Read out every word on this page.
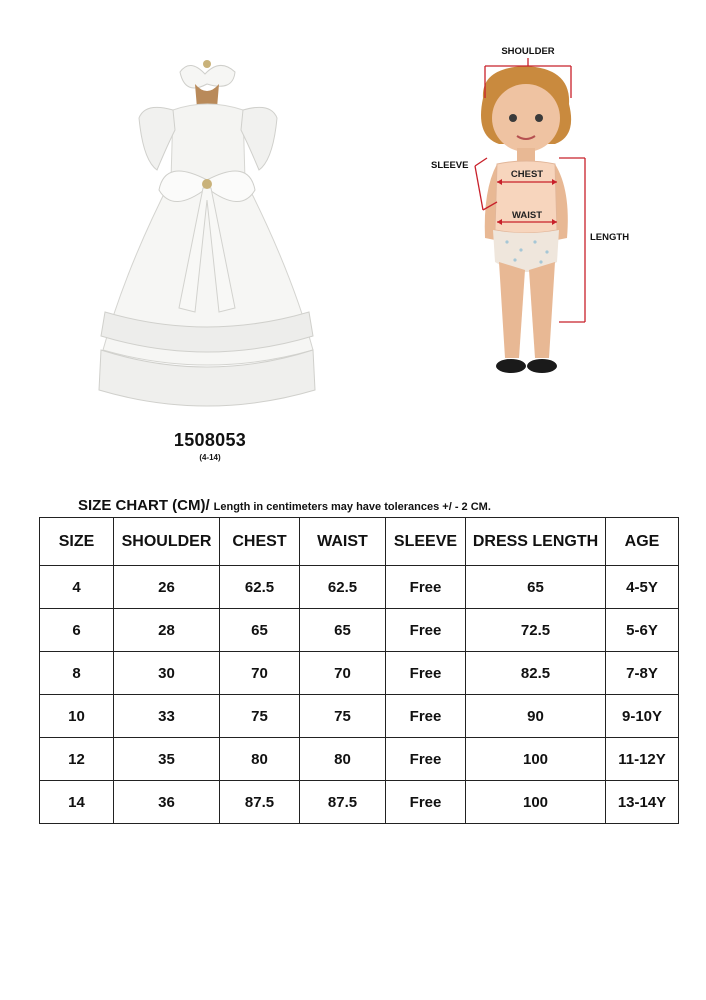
1508053
(4-14)
SHOULDER
SLEEVE
CHEST
WAIST
LENGTH
SIZE CHART (CM)/ Length in centimeters may have tolerances +/ - 2 CM.
SIZE	SHOULDER	CHEST	WAIST	SLEEVE	DRESS LENGTH	AGE
4	26	62.5	62.5	Free	65	4-5Y
6	28	65	65	Free	72.5	5-6Y
8	30	70	70	Free	82.5	7-8Y
10	33	75	75	Free	90	9-10Y
12	35	80	80	Free	100	11-12Y
14	36	87.5	87.5	Free	100	13-14Y
